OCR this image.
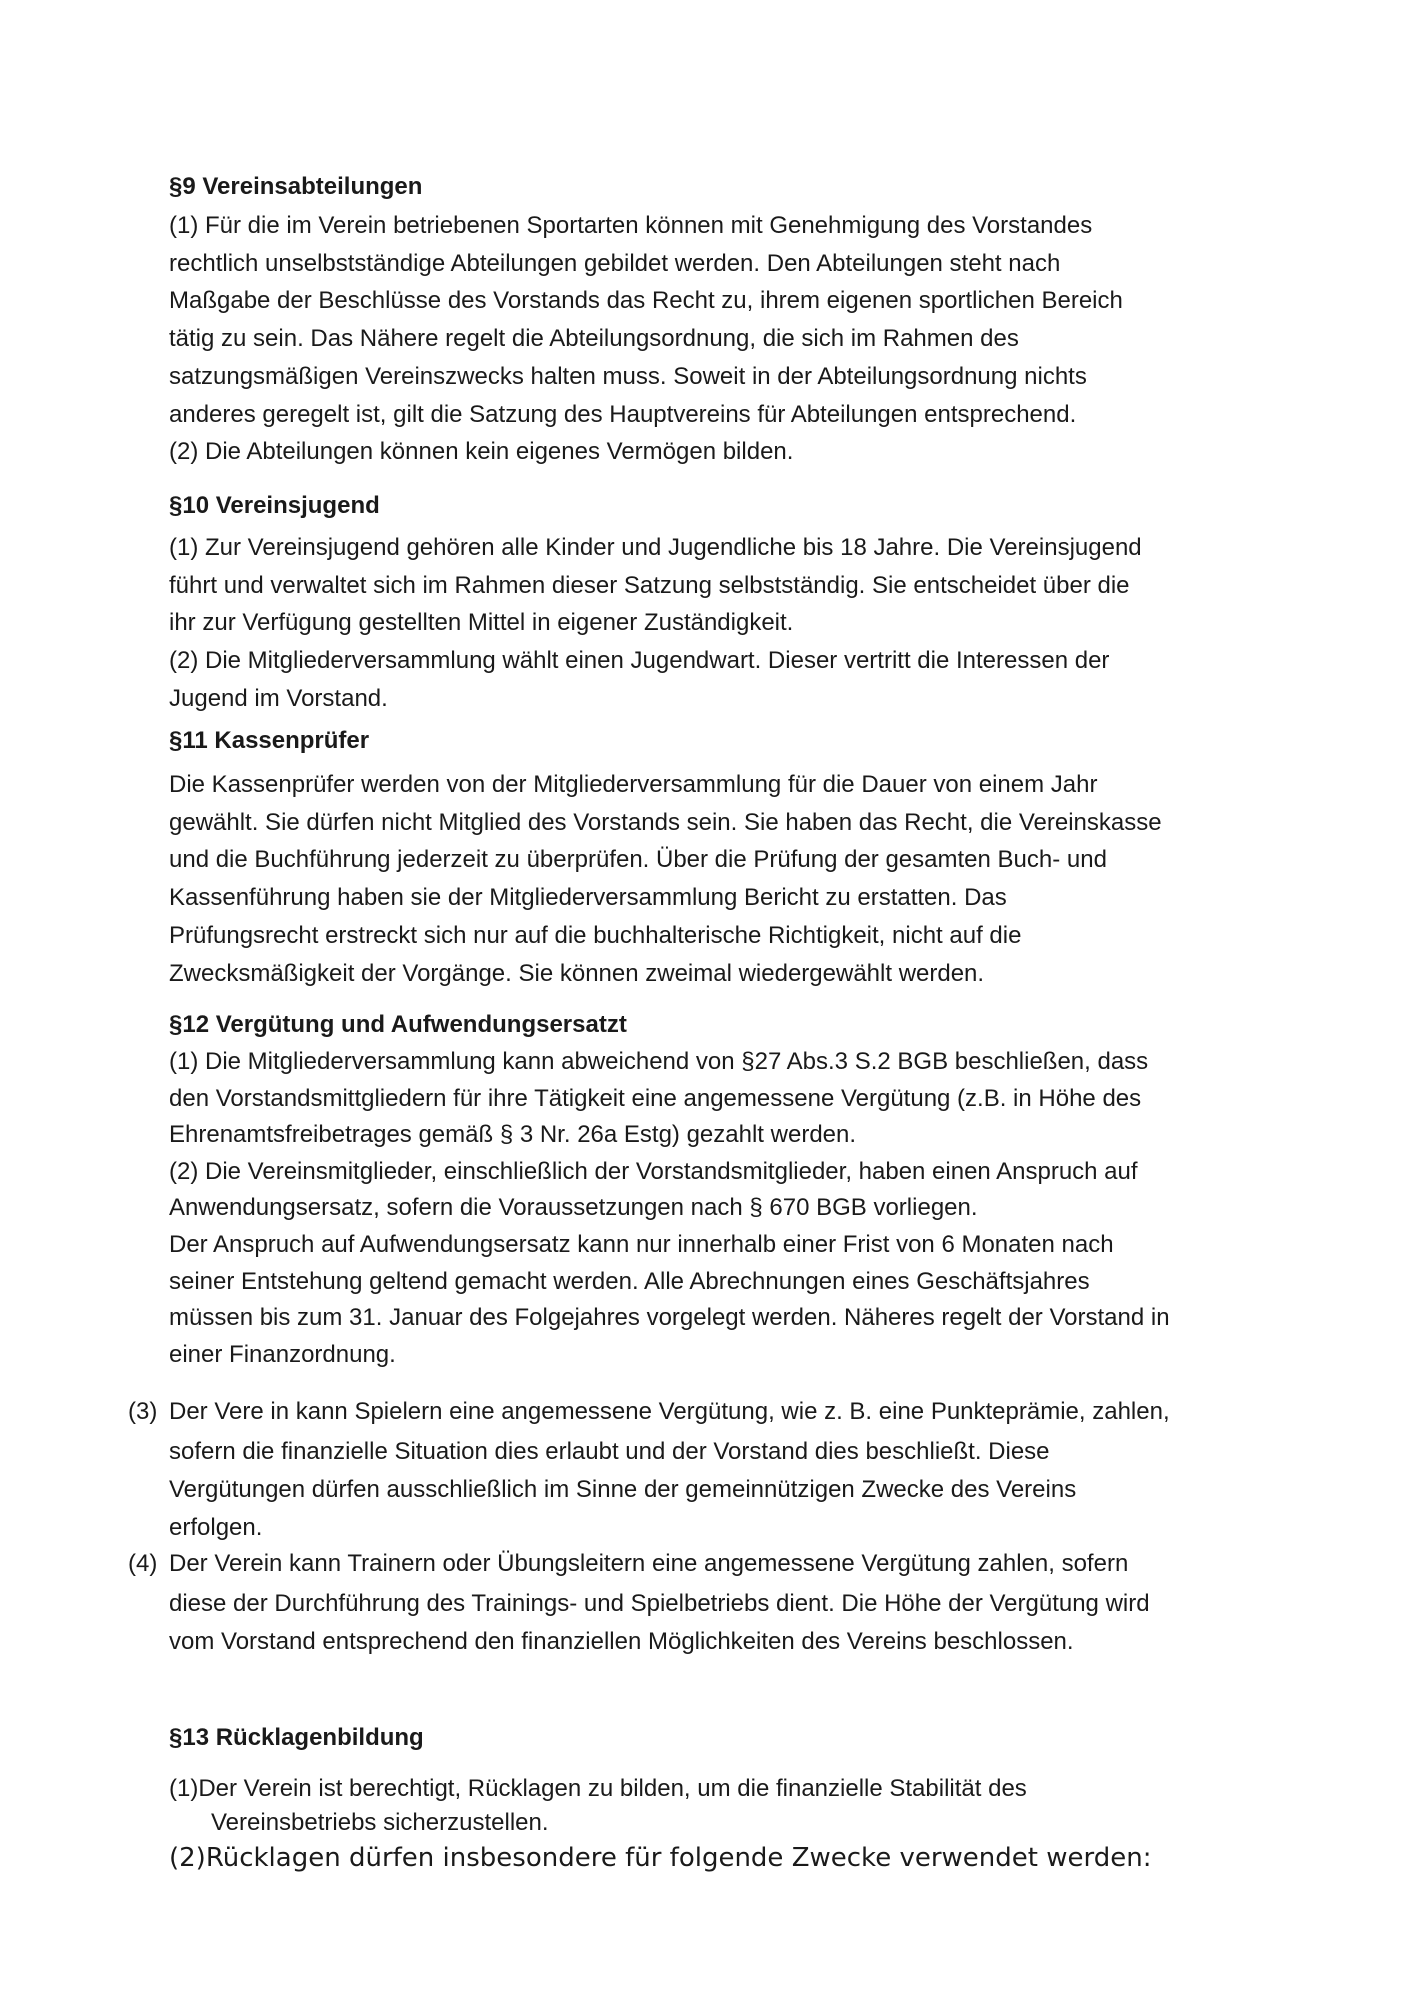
§9 Vereinsabteilungen
(1) Für die im Verein betriebenen Sportarten können mit Genehmigung des Vorstandes
rechtlich unselbstständige Abteilungen gebildet werden. Den Abteilungen steht nach
Maßgabe der Beschlüsse des Vorstands das Recht zu, ihrem eigenen sportlichen Bereich
tätig zu sein. Das Nähere regelt die Abteilungsordnung, die sich im Rahmen des
satzungsmäßigen Vereinszwecks halten muss. Soweit in der Abteilungsordnung nichts
anderes geregelt ist, gilt die Satzung des Hauptvereins für Abteilungen entsprechend.
(2) Die Abteilungen können kein eigenes Vermögen bilden.
§10 Vereinsjugend
(1) Zur Vereinsjugend gehören alle Kinder und Jugendliche bis 18 Jahre. Die Vereinsjugend
führt und verwaltet sich im Rahmen dieser Satzung selbstständig. Sie entscheidet über die
ihr zur Verfügung gestellten Mittel in eigener Zuständigkeit.
(2) Die Mitgliederversammlung wählt einen Jugendwart. Dieser vertritt die Interessen der
Jugend im Vorstand.
§11 Kassenprüfer
Die Kassenprüfer werden von der Mitgliederversammlung für die Dauer von einem Jahr
gewählt. Sie dürfen nicht Mitglied des Vorstands sein. Sie haben das Recht, die Vereinskasse
und die Buchführung jederzeit zu überprüfen. Über die Prüfung der gesamten Buch- und
Kassenführung haben sie der Mitgliederversammlung Bericht zu erstatten. Das
Prüfungsrecht erstreckt sich nur auf die buchhalterische Richtigkeit, nicht auf die
Zwecksmäßigkeit der Vorgänge. Sie können zweimal wiedergewählt werden.
§12 Vergütung und Aufwendungsersatzt
(1) Die Mitgliederversammlung kann abweichend von §27 Abs.3 S.2 BGB beschließen, dass
den Vorstandsmittgliedern für ihre Tätigkeit eine angemessene Vergütung (z.B. in Höhe des
Ehrenamtsfreibetrages gemäß § 3 Nr. 26a Estg) gezahlt werden.
(2) Die Vereinsmitglieder, einschließlich der Vorstandsmitglieder, haben einen Anspruch auf
Anwendungsersatz, sofern die Voraussetzungen nach § 670 BGB vorliegen.
Der Anspruch auf Aufwendungsersatz kann nur innerhalb einer Frist von 6 Monaten nach
seiner Entstehung geltend gemacht werden. Alle Abrechnungen eines Geschäftsjahres
müssen bis zum 31. Januar des Folgejahres vorgelegt werden. Näheres regelt der Vorstand in
einer Finanzordnung.
(3) Der Vere in kann Spielern eine angemessene Vergütung, wie z. B. eine Punkteprämie, zahlen,
sofern die finanzielle Situation dies erlaubt und der Vorstand dies beschließt. Diese
Vergütungen dürfen ausschließlich im Sinne der gemeinnützigen Zwecke des Vereins
erfolgen.
(4) Der Verein kann Trainern oder Übungsleitern eine angemessene Vergütung zahlen, sofern
diese der Durchführung des Trainings- und Spielbetriebs dient. Die Höhe der Vergütung wird
vom Vorstand entsprechend den finanziellen Möglichkeiten des Vereins beschlossen.
§13 Rücklagenbildung
(1)Der Verein ist berechtigt, Rücklagen zu bilden, um die finanzielle Stabilität des
Vereinsbetriebs sicherzustellen.
(2)Rücklagen dürfen insbesondere für folgende Zwecke verwendet werden:
